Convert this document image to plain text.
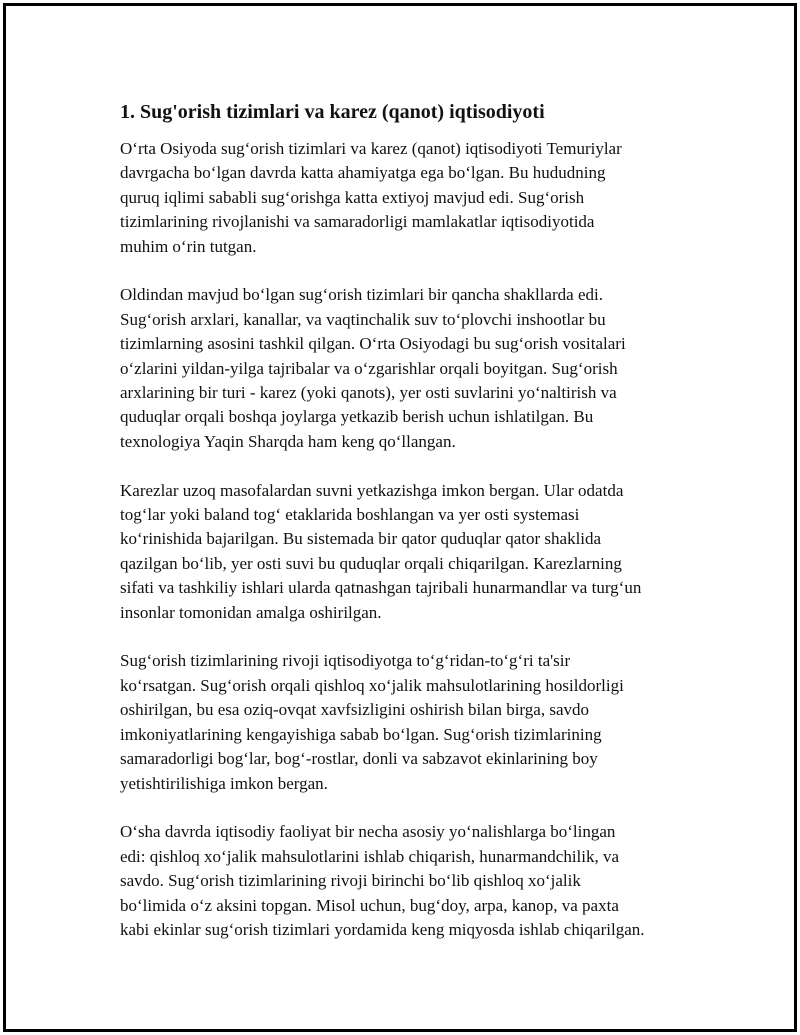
1. Sug'orish tizimlari va karez (qanot) iqtisodiyoti

O‘rta Osiyoda sug‘orish tizimlari va karez (qanot) iqtisodiyoti Temuriylar
davrgacha bo‘lgan davrda katta ahamiyatga ega bo‘lgan. Bu hududning
quruq iqlimi sababli sug‘orishga katta extiyoj mavjud edi. Sug‘orish
tizimlarining rivojlanishi va samaradorligi mamlakatlar iqtisodiyotida
muhim o‘rin tutgan.

Oldindan mavjud bo‘lgan sug‘orish tizimlari bir qancha shakllarda edi.
Sug‘orish arxlari, kanallar, va vaqtinchalik suv to‘plovchi inshootlar bu
tizimlarning asosini tashkil qilgan. O‘rta Osiyodagi bu sug‘orish vositalari
o‘zlarini yildan-yilga tajribalar va o‘zgarishlar orqali boyitgan. Sug‘orish
arxlarining bir turi - karez (yoki qanots), yer osti suvlarini yo‘naltirish va
quduqlar orqali boshqa joylarga yetkazib berish uchun ishlatilgan. Bu
texnologiya Yaqin Sharqda ham keng qo‘llangan.

Karezlar uzoq masofalardan suvni yetkazishga imkon bergan. Ular odatda
tog‘lar yoki baland tog‘ etaklarida boshlangan va yer osti systemasi
ko‘rinishida bajarilgan. Bu sistemada bir qator quduqlar qator shaklida
qazilgan bo‘lib, yer osti suvi bu quduqlar orqali chiqarilgan. Karezlarning
sifati va tashkiliy ishlari ularda qatnashgan tajribali hunarmandlar va turg‘un
insonlar tomonidan amalga oshirilgan.

Sug‘orish tizimlarining rivoji iqtisodiyotga to‘g‘ridan-to‘g‘ri ta'sir
ko‘rsatgan. Sug‘orish orqali qishloq xo‘jalik mahsulotlarining hosildorligi
oshirilgan, bu esa oziq-ovqat xavfsizligini oshirish bilan birga, savdo
imkoniyatlarining kengayishiga sabab bo‘lgan. Sug‘orish tizimlarining
samaradorligi bog‘lar, bog‘-rostlar, donli va sabzavot ekinlarining boy
yetishtirilishiga imkon bergan.

O‘sha davrda iqtisodiy faoliyat bir necha asosiy yo‘nalishlarga bo‘lingan
edi: qishloq xo‘jalik mahsulotlarini ishlab chiqarish, hunarmandchilik, va
savdo. Sug‘orish tizimlarining rivoji birinchi bo‘lib qishloq xo‘jalik
bo‘limida o‘z aksini topgan. Misol uchun, bug‘doy, arpa, kanop, va paxta
kabi ekinlar sug‘orish tizimlari yordamida keng miqyosda ishlab chiqarilgan.
